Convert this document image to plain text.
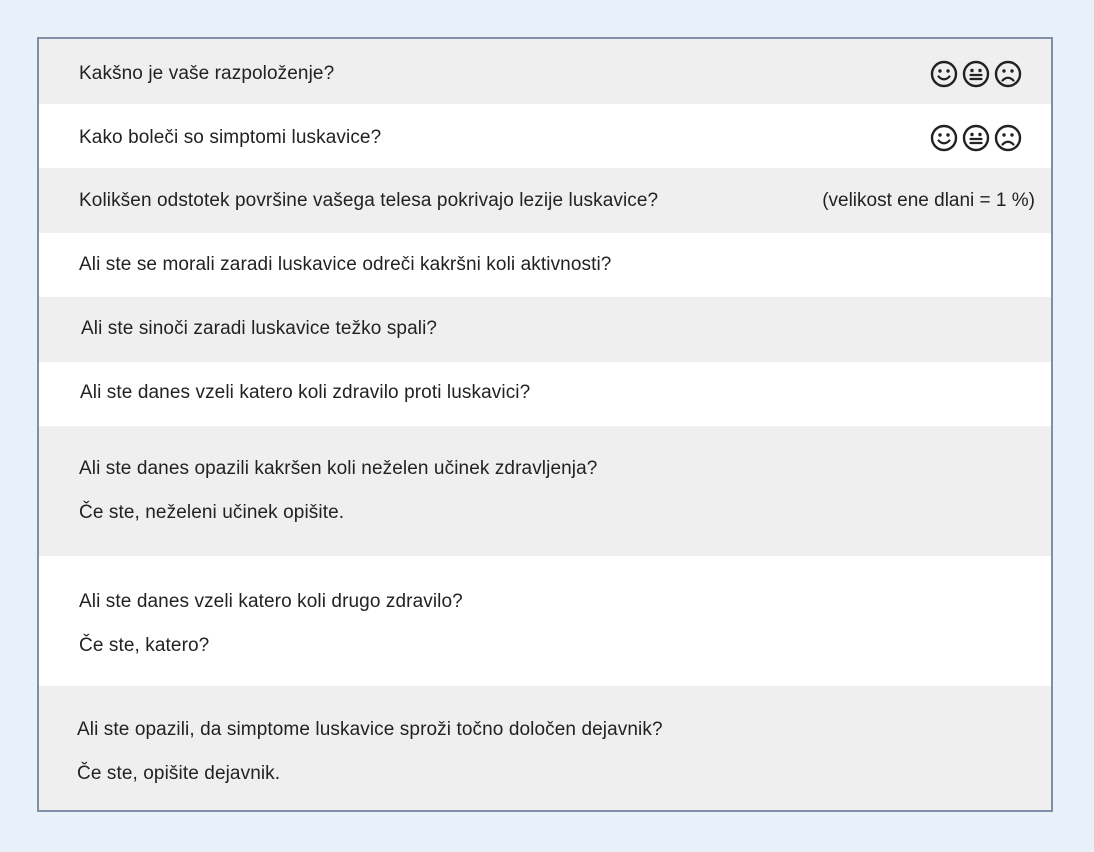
Kakšno je vaše razpoloženje?
Kako boleči so simptomi luskavice?
Kolikšen odstotek površine vašega telesa pokrivajo lezije luskavice?	(velikost ene dlani = 1 %)
Ali ste se morali zaradi luskavice odreči kakršni koli aktivnosti?
Ali ste sinoči zaradi luskavice težko spali?
Ali ste danes vzeli katero koli zdravilo proti luskavici?
Ali ste danes opazili kakršen koli neželen učinek zdravljenja?
Če ste, neželeni učinek opišite.
Ali ste danes vzeli katero koli drugo zdravilo?
Če ste, katero?
Ali ste opazili, da simptome luskavice sproži točno določen dejavnik?
Če ste, opišite dejavnik.
